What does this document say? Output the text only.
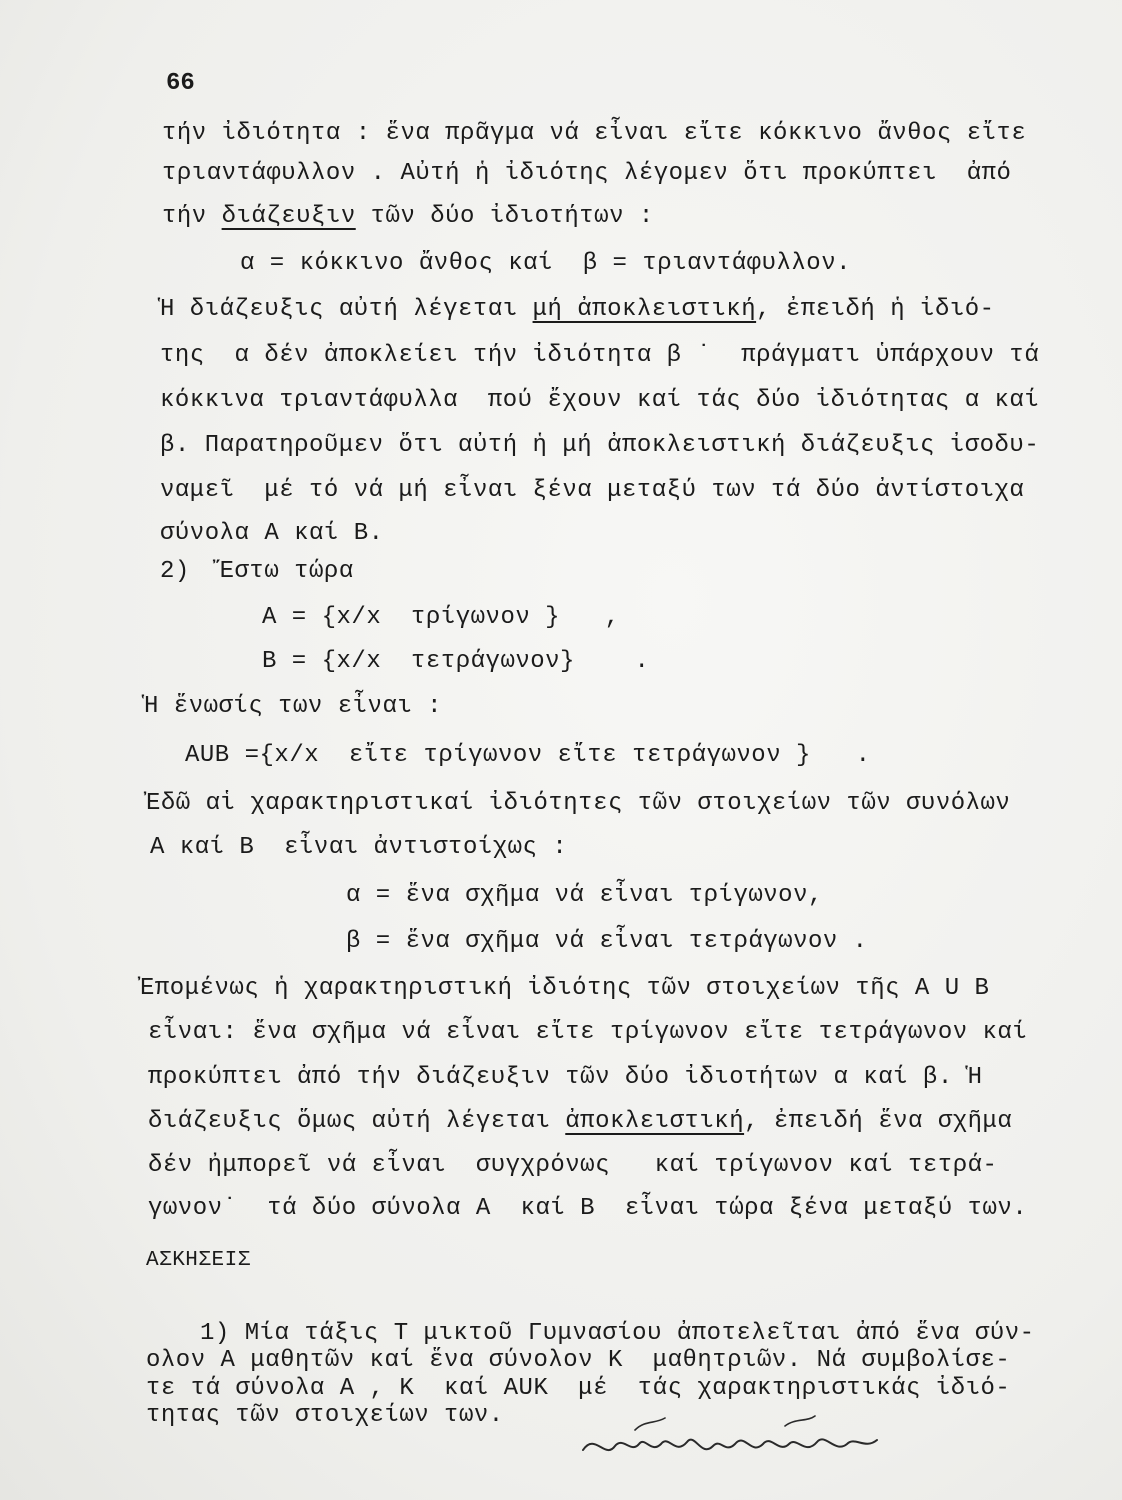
66
τήν ἰδιότητα : ἕνα πρᾶγμα νά εἶναι εἴτε κόκκινο ἄνθος εἴτε
τριαντάφυλλον . Αὐτή ἡ ἰδιότης λέγομεν ὅτι προκύπτει  ἀπό
τήν διάζευξιν τῶν δύο ἰδιοτήτων :
α = κόκκινο ἄνθος καί  β = τριαντάφυλλον.
Ἡ διάζευξις αὐτή λέγεται μή ἀποκλειστική, ἐπειδή ἡ ἰδιό-
της  α δέν ἀποκλείει τήν ἰδιότητα β ˙  πράγματι ὑπάρχουν τά
κόκκινα τριαντάφυλλα  πού ἔχουν καί τάς δύο ἰδιότητας α καί
β. Παρατηροῦμεν ὅτι αὐτή ἡ μή ἀποκλειστική διάζευξις ἰσοδυ-
ναμεῖ  μέ τό νά μή εἶναι ξένα μεταξύ των τά δύο ἀντίστοιχα
σύνολα Α καί Β.
2)  Ἔστω τώρα
Α = {x/x  τρίγωνον }   ,
Β = {x/x  τετράγωνον}    .
Ἡ ἕνωσίς των εἶναι :
ΑUΒ ={x/x  εἴτε τρίγωνον εἴτε τετράγωνον }   .
Ἐδῶ αἱ χαρακτηριστικαί ἰδιότητες τῶν στοιχείων τῶν συνόλων
Α καί Β  εἶναι ἀντιστοίχως :
α = ἕνα σχῆμα νά εἶναι τρίγωνον,
β = ἕνα σχῆμα νά εἶναι τετράγωνον .
Ἐπομένως ἡ χαρακτηριστική ἰδιότης τῶν στοιχείων τῆς Α U Β
εἶναι: ἕνα σχῆμα νά εἶναι εἴτε τρίγωνον εἴτε τετράγωνον καί
προκύπτει ἀπό τήν διάζευξιν τῶν δύο ἰδιοτήτων α καί β. Ἡ
διάζευξις ὅμως αὐτή λέγεται ἀποκλειστική, ἐπειδή ἕνα σχῆμα
δέν ἠμπορεῖ νά εἶναι  συγχρόνως   καί τρίγωνον καί τετρά-
γωνον˙  τά δύο σύνολα Α  καί Β  εἶναι τώρα ξένα μεταξύ των.
ΑΣΚΗΣΕΙΣ
1) Μία τάξις Τ μικτοῦ Γυμνασίου ἀποτελεῖται ἀπό ἕνα σύν-
ολον Α μαθητῶν καί ἕνα σύνολον Κ  μαθητριῶν. Νά συμβολίσε-
τε τά σύνολα Α , Κ  καί ΑUΚ  μέ  τάς χαρακτηριστικάς ἰδιό-
τητας τῶν στοιχείων των.
